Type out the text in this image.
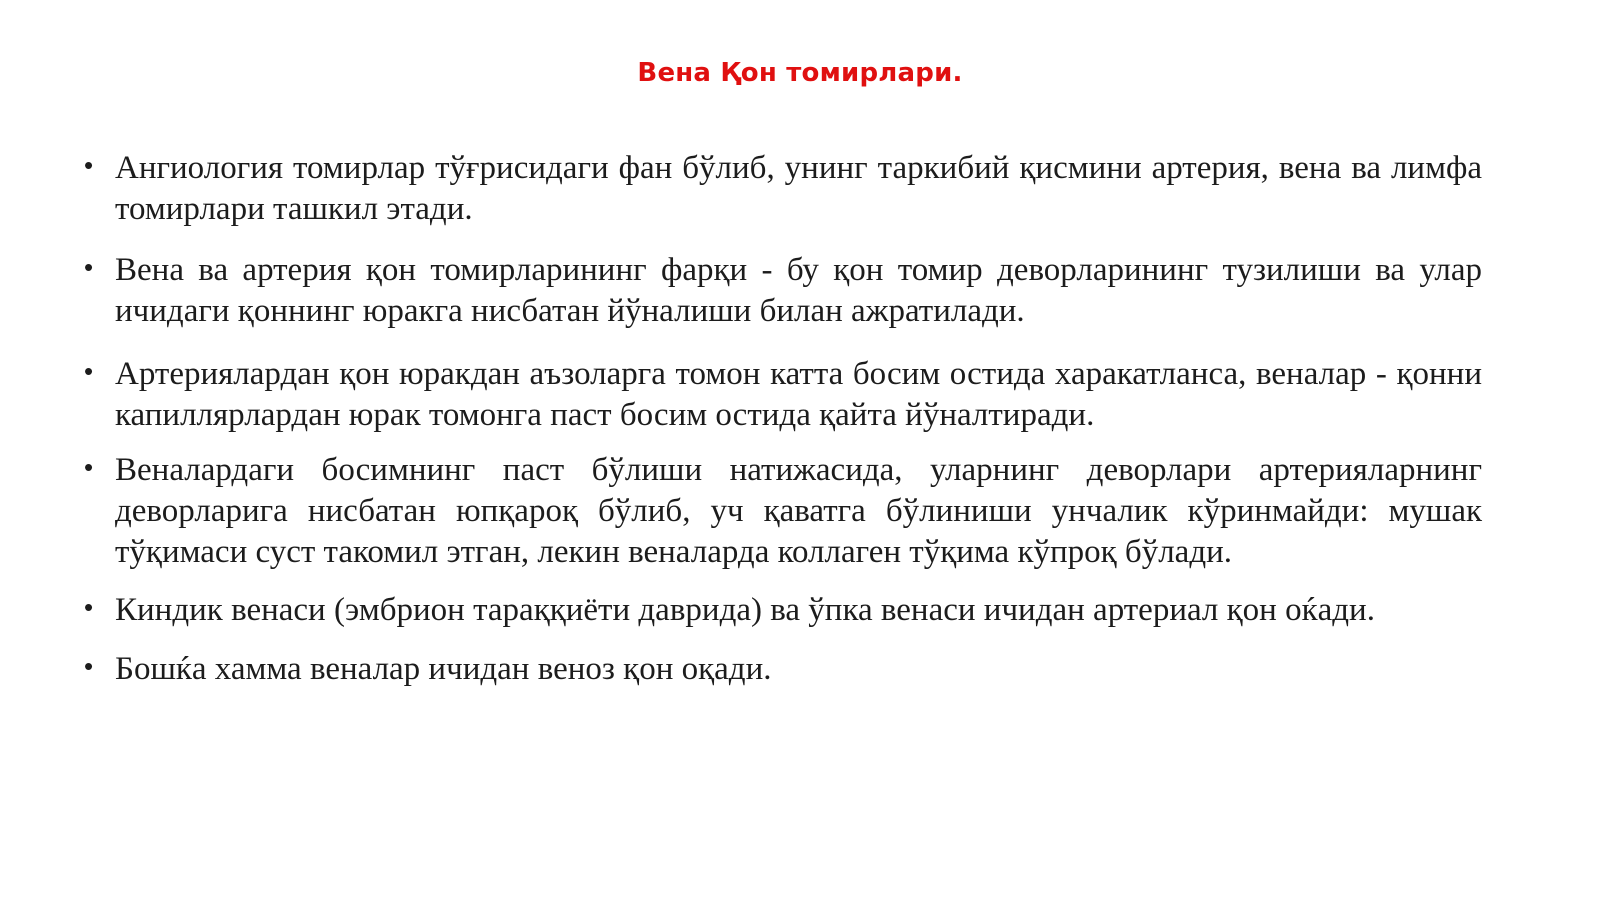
Вена Қон томирлари.
• Ангиология томирлар тўғрисидаги фан бўлиб, унинг таркибий қисмини артерия, вена ва лимфа томирлари ташкил этади.
• Вена ва артерия қон томирларининг фарқи - бу қон томир деворларининг тузилиши ва улар ичидаги қоннинг юракга нисбатан йўналиши билан ажратилади.
• Артериялардан қон юракдан аъзоларга томон катта босим остида харакатланса, веналар - қонни капиллярлардан юрак томонга паст босим остида қайта йўналтиради.
• Веналардаги босимнинг паст бўлиши натижасида, уларнинг деворлари артерияларнинг деворларига нисбатан юпқароқ бўлиб, уч қаватга бўлиниши унчалик кўринмайди: мушак тўқимаси суст такомил этган, лекин веналарда коллаген тўқима кўпроқ бўлади.
• Киндик венаси (эмбрион тараққиёти даврида) ва ўпка венаси ичидан артериал қон оќади.
• Бошќа хамма веналар ичидан веноз қон оқади.
